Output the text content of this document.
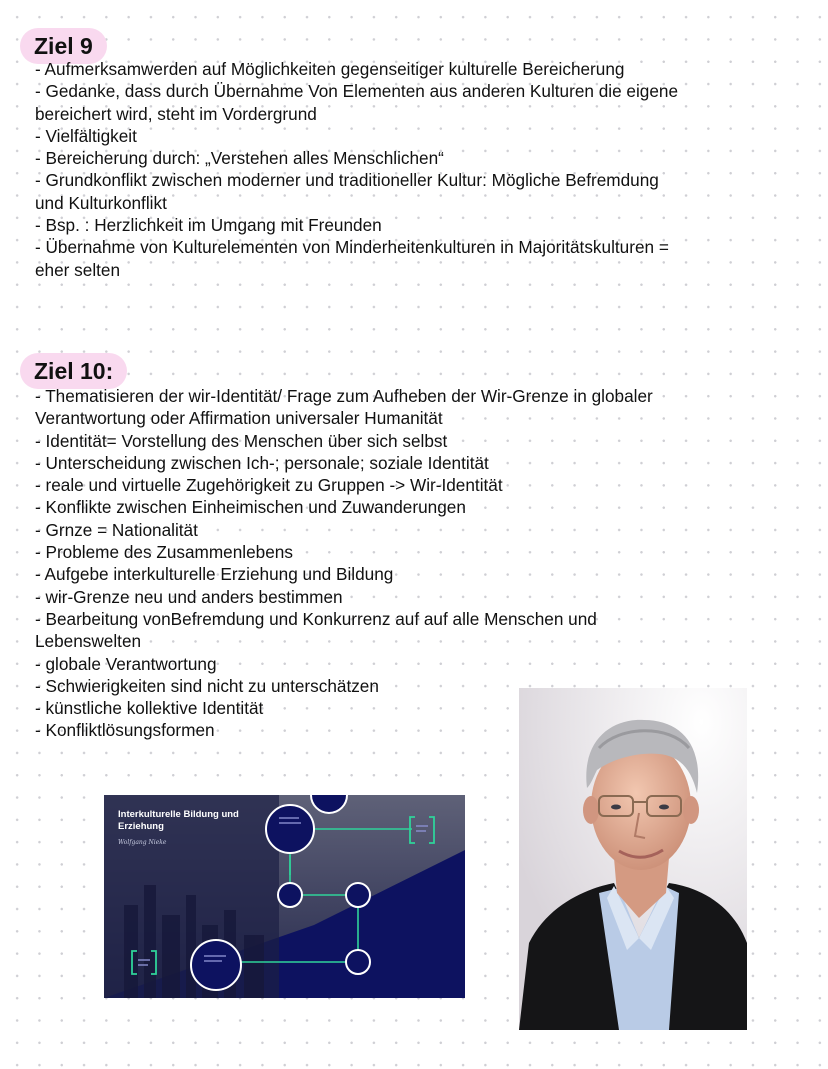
Ziel 9
- Aufmerksamwerden auf Möglichkeiten gegenseitiger kulturelle Bereicherung
- Gedanke, dass durch Übernahme Von Elementen aus anderen Kulturen die eigene
bereichert wird, steht im Vordergrund
- Vielfältigkeit
- Bereicherung durch: „Verstehen alles Menschlichen“
- Grundkonflikt zwischen moderner und traditioneller Kultur: Mögliche Befremdung
und Kulturkonflikt
- Bsp. : Herzlichkeit im Umgang mit Freunden
- Übernahme von Kulturelementen von Minderheitenkulturen in Majoritätskulturen =
eher selten
Ziel 10:
- Thematisieren der wir-Identität/ Frage zum Aufheben der Wir-Grenze in globaler
Verantwortung oder Affirmation universaler Humanität
- Identität= Vorstellung des Menschen über sich selbst
- Unterscheidung zwischen Ich-; personale; soziale Identität
- reale und virtuelle Zugehörigkeit zu Gruppen -> Wir-Identität
- Konflikte zwischen Einheimischen und Zuwanderungen
- Grnze = Nationalität
- Probleme des Zusammenlebens
- Aufgebe interkulturelle Erziehung und Bildung
- wir-Grenze neu und anders bestimmen
- Bearbeitung vonBefremdung und Konkurrenz auf auf alle Menschen und
Lebenswelten
- globale Verantwortung
- Schwierigkeiten sind nicht zu unterschätzen
- künstliche kollektive Identität
- Konfliktlösungsformen
Interkulturelle Bildung und Erziehung
Wolfgang Nieke
